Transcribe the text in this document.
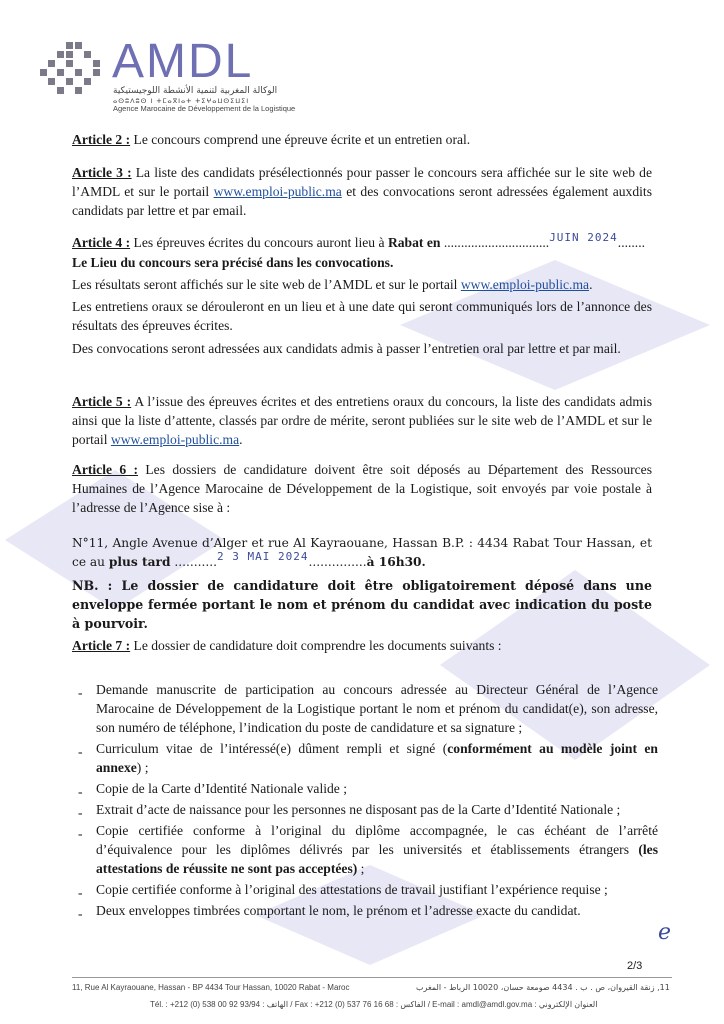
AMDL
الوكالة المغربية لتنمية الأنشطة اللوجيستيكية
ⴰⵙⵓⴷⵓⵙ ⵏ ⵜⵎⴰⴳⵏⴰⵜ ⵜⵉⵖⴰⵡⵙⵉⵡⵉⵏ
Agence Marocaine de Développement de la Logistique
Article 2 : Le concours comprend une épreuve écrite et un entretien oral.
Article 3 : La liste des candidats présélectionnés pour passer le concours sera affichée sur le site web de l’AMDL et sur le portail www.emploi-public.ma et des convocations seront adressées également auxdits candidats par lettre et par email.
Article 4 : Les épreuves écrites du concours auront lieu à Rabat en ...............................$^{JUIN 2024}$........
Le Lieu du concours sera précisé dans les convocations.
Les résultats seront affichés sur le site web de l’AMDL et sur le portail www.emploi-public.ma.
Les entretiens oraux se dérouleront en un lieu et à une date qui seront communiqués lors de l’annonce des résultats des épreuves écrites.
Des convocations seront adressées aux candidats admis à passer l’entretien oral par lettre et par mail.
Article 5 : A l’issue des épreuves écrites et des entretiens oraux du concours, la liste des candidats admis ainsi que la liste d’attente, classés par ordre de mérite, seront publiées sur le site web de l’AMDL et sur le portail www.emploi-public.ma.
Article 6 : Les dossiers de candidature doivent être soit déposés au Département des Ressources Humaines de l’Agence Marocaine de Développement de la Logistique, soit envoyés par voie postale à l’adresse de l’Agence sise à :
N°11, Angle Avenue d’Alger et rue Al Kayraouane, Hassan B.P. : 4434 Rabat Tour Hassan, et ce au plus tard ...........2 3 MAI 2024...............à 16h30.
NB. : Le dossier de candidature doit être obligatoirement déposé dans une enveloppe fermée portant le nom et prénom du candidat avec indication du poste à pourvoir.
Article 7 : Le dossier de candidature doit comprendre les documents suivants :
- Demande manuscrite de participation au concours adressée au Directeur Général de l’Agence Marocaine de Développement de la Logistique portant le nom et prénom du candidat(e), son adresse, son numéro de téléphone, l’indication du poste de candidature et sa signature ;
- Curriculum vitae de l’intéressé(e) dûment rempli et signé (conformément au modèle joint en annexe) ;
- Copie de la Carte d’Identité Nationale valide ;
- Extrait d’acte de naissance pour les personnes ne disposant pas de la Carte d’Identité Nationale ;
- Copie certifiée conforme à l’original du diplôme accompagnée, le cas échéant de l’arrêté d’équivalence pour les diplômes délivrés par les universités et établissements étrangers (les attestations de réussite ne sont pas acceptées) ;
- Copie certifiée conforme à l’original des attestations de travail justifiant l’expérience requise ;
- Deux enveloppes timbrées comportant le nom, le prénom et l’adresse exacte du candidat.
e
2/3
11, Rue Al Kayraouane, Hassan - BP 4434 Tour Hassan, 10020 Rabat - Maroc	11, زنقة القيروان، ص . ب . 4434 صومعة حسان، 10020 الرباط - المغرب
Tél. : +212 (0) 538 00 92 93/94 : الهاتف / Fax : +212 (0) 537 76 16 68 : الفاكس / E-mail : amdl@amdl.gov.ma : العنوان الإلكتروني
